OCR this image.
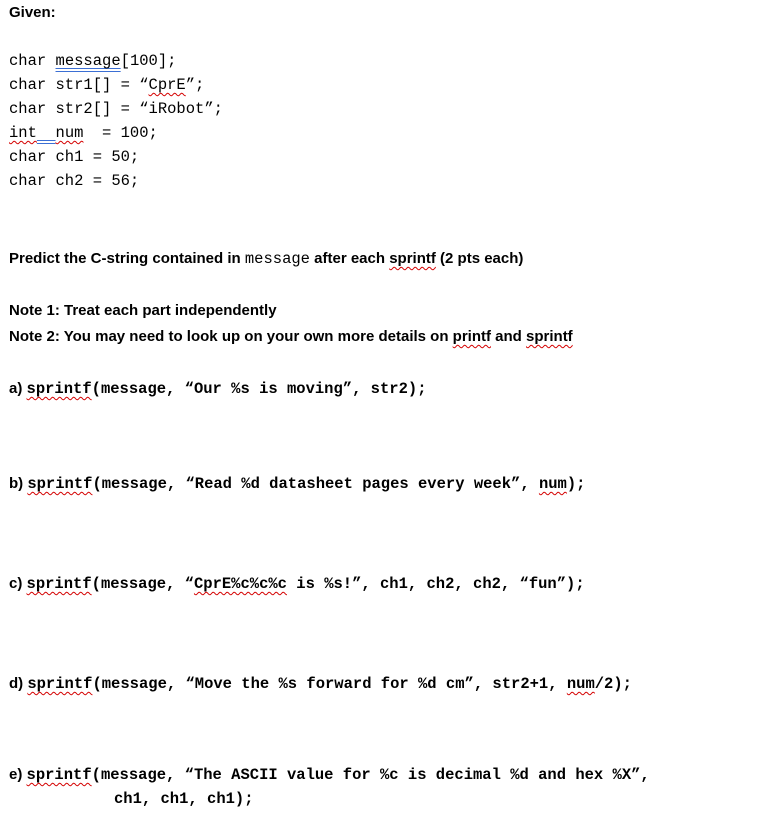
Given:
char message[100];
char str1[] = “CprE”;
char str2[] = “iRobot”;
int num  = 100;
char ch1 = 50;
char ch2 = 56;
Predict the C-string contained in message after each sprintf (2 pts each)
Note 1: Treat each part independently
Note 2: You may need to look up on your own more details on printf and sprintf
a) sprintf(message, “Our %s is moving”, str2);
b) sprintf(message, “Read %d datasheet pages every week”, num);
c) sprintf(message, “CprE%c%c%c is %s!”, ch1, ch2, ch2, “fun”);
d) sprintf(message, “Move the %s forward for %d cm”, str2+1, num/2);
e) sprintf(message, “The ASCII value for %c is decimal %d and hex %X”,
ch1, ch1, ch1);
